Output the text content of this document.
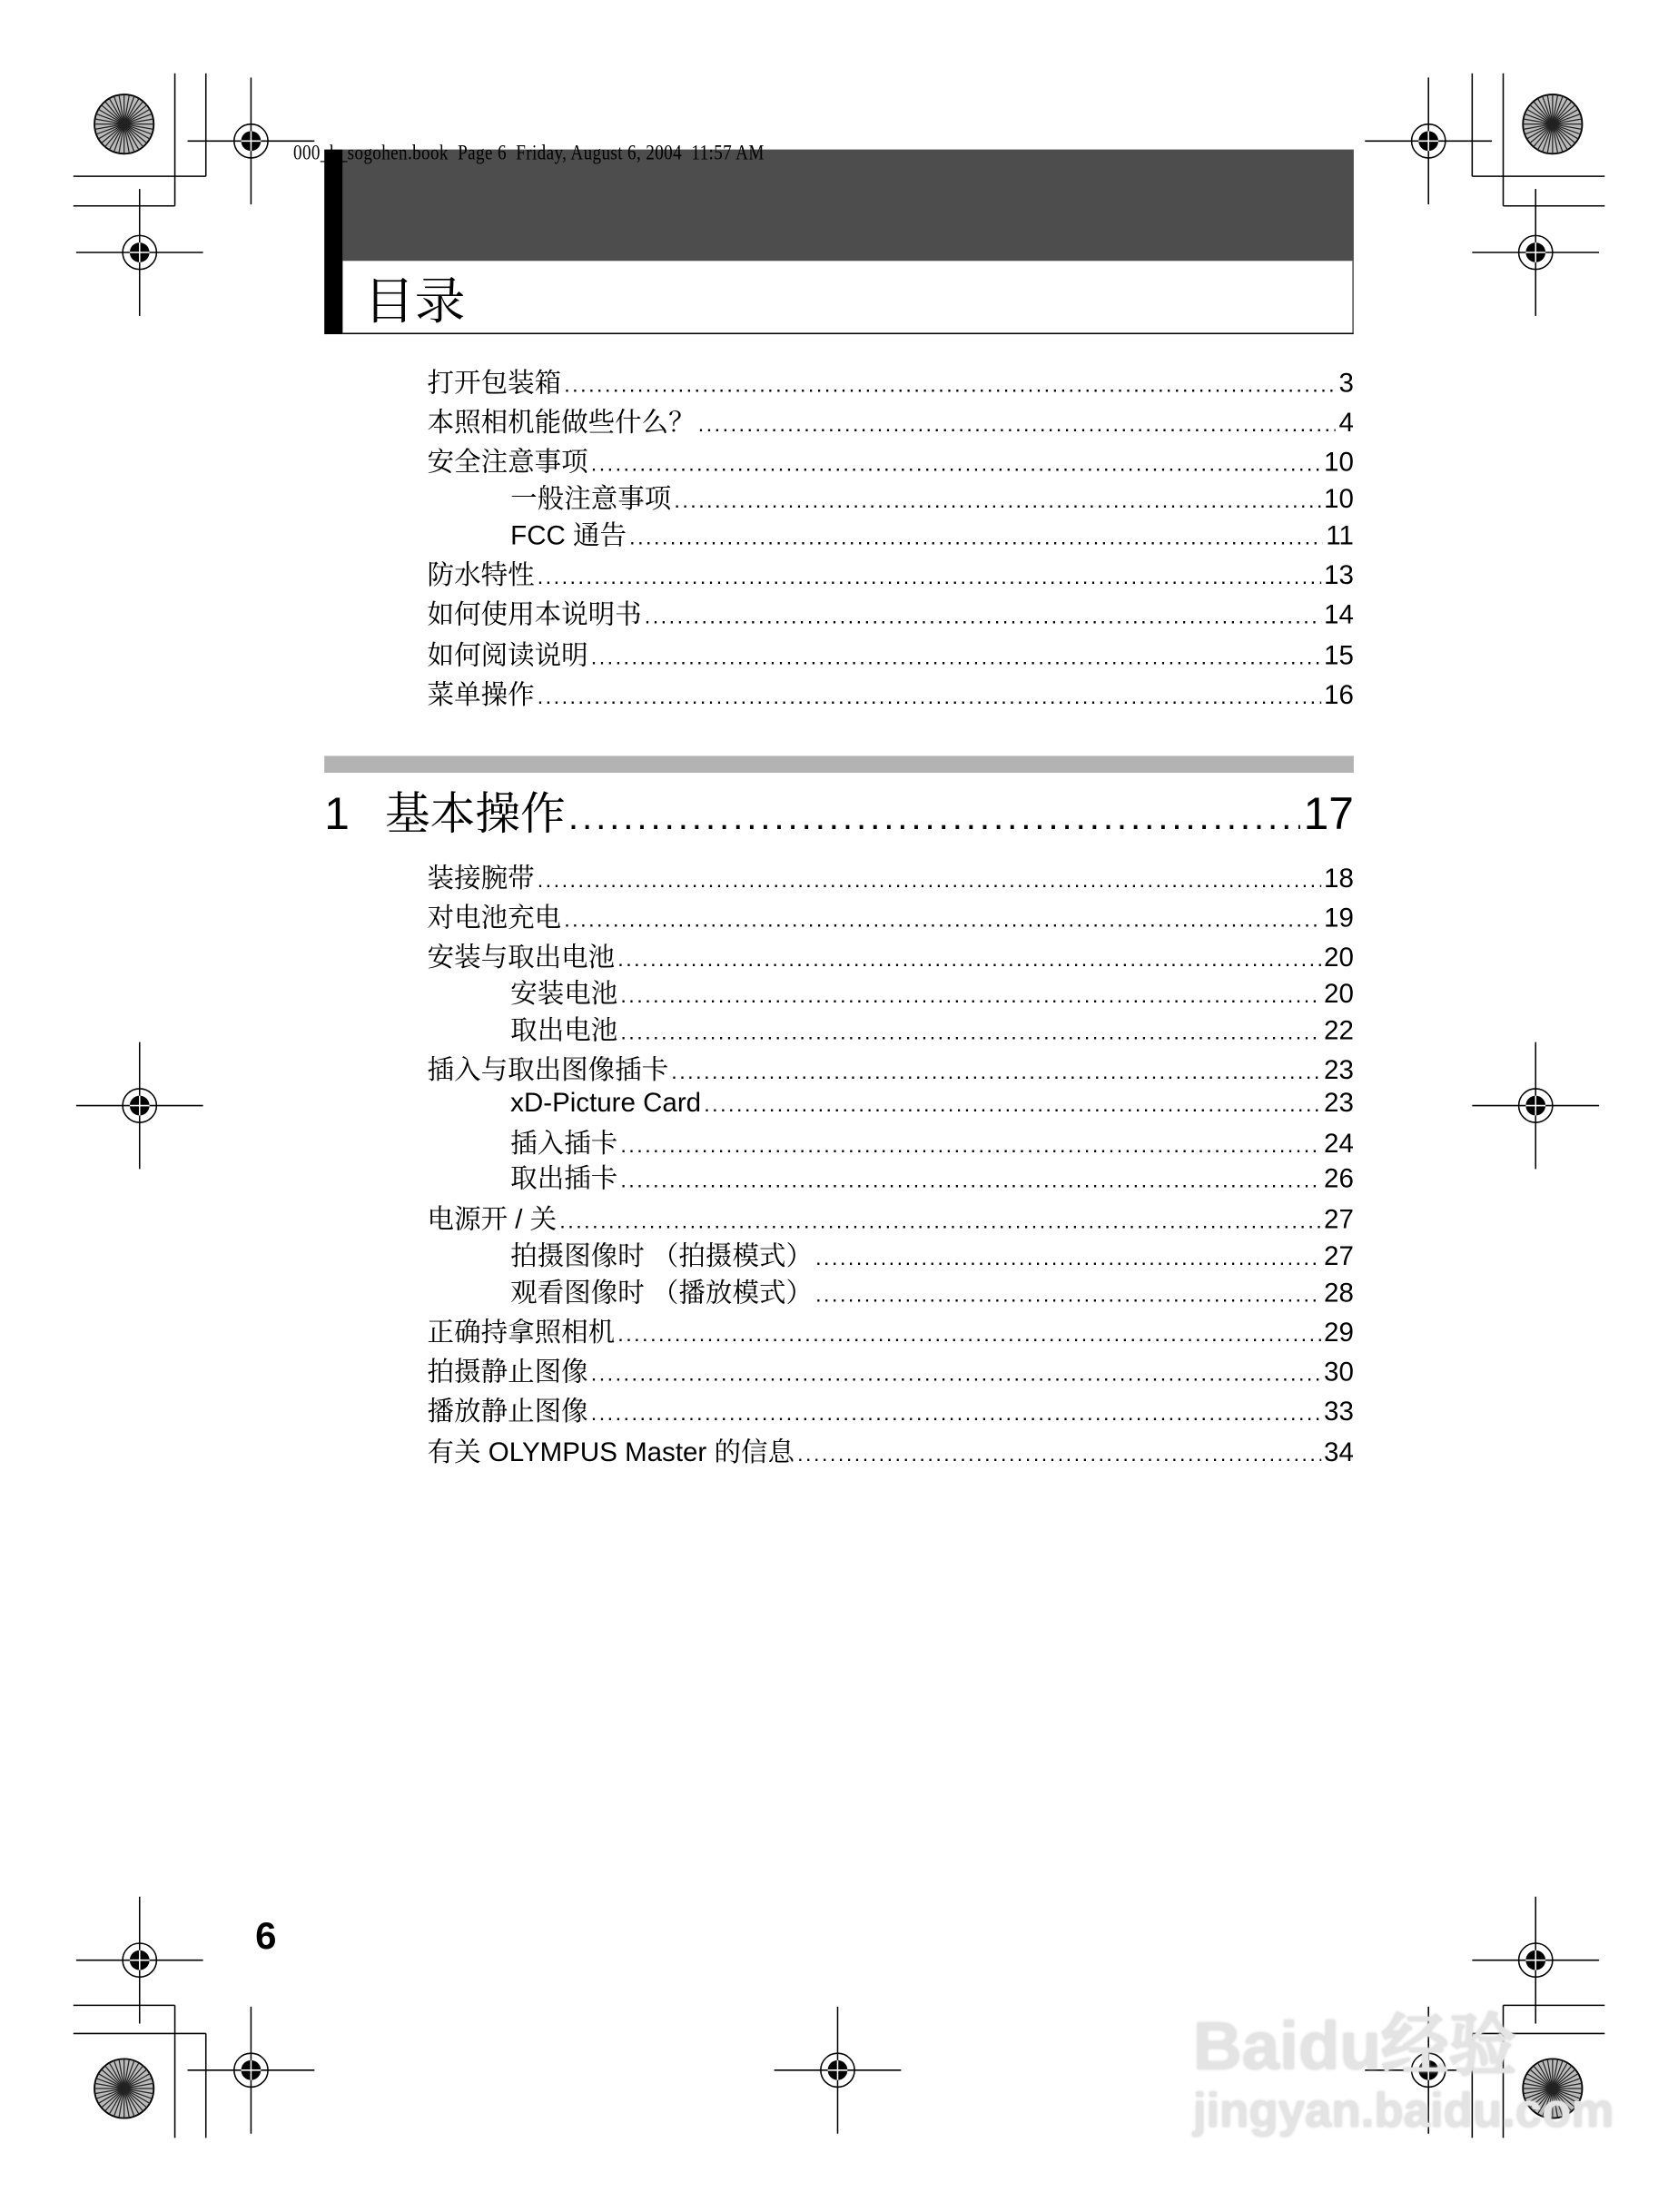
目录
000_k_sogohen.book  Page 6  Friday, August 6, 2004  11:57 AM
打开包装箱 .....	3
本照相机能做些什么？ .....	4
安全注意事项 .....	10
一般注意事项 .....	10
FCC 通告 .....	11
防水特性 .....	13
如何使用本说明书 .....	14
如何阅读说明 .....	15
菜单操作 .....	16
1	基本操作 .....	17
装接腕带 .....	18
对电池充电 .....	19
安装与取出电池 .....	20
安装电池 .....	20
取出电池 .....	22
插入与取出图像插卡 .....	23
xD-Picture Card .....	23
插入插卡 .....	24
取出插卡 .....	26
电源开 / 关 .....	27
拍摄图像时 （拍摄模式） .....	27
观看图像时 （播放模式） .....	28
正确持拿照相机 .....	29
拍摄静止图像 .....	30
播放静止图像 .....	33
有关 OLYMPUS Master 的信息 .....	34
6
Baidu经验
jingyan.baidu.com
